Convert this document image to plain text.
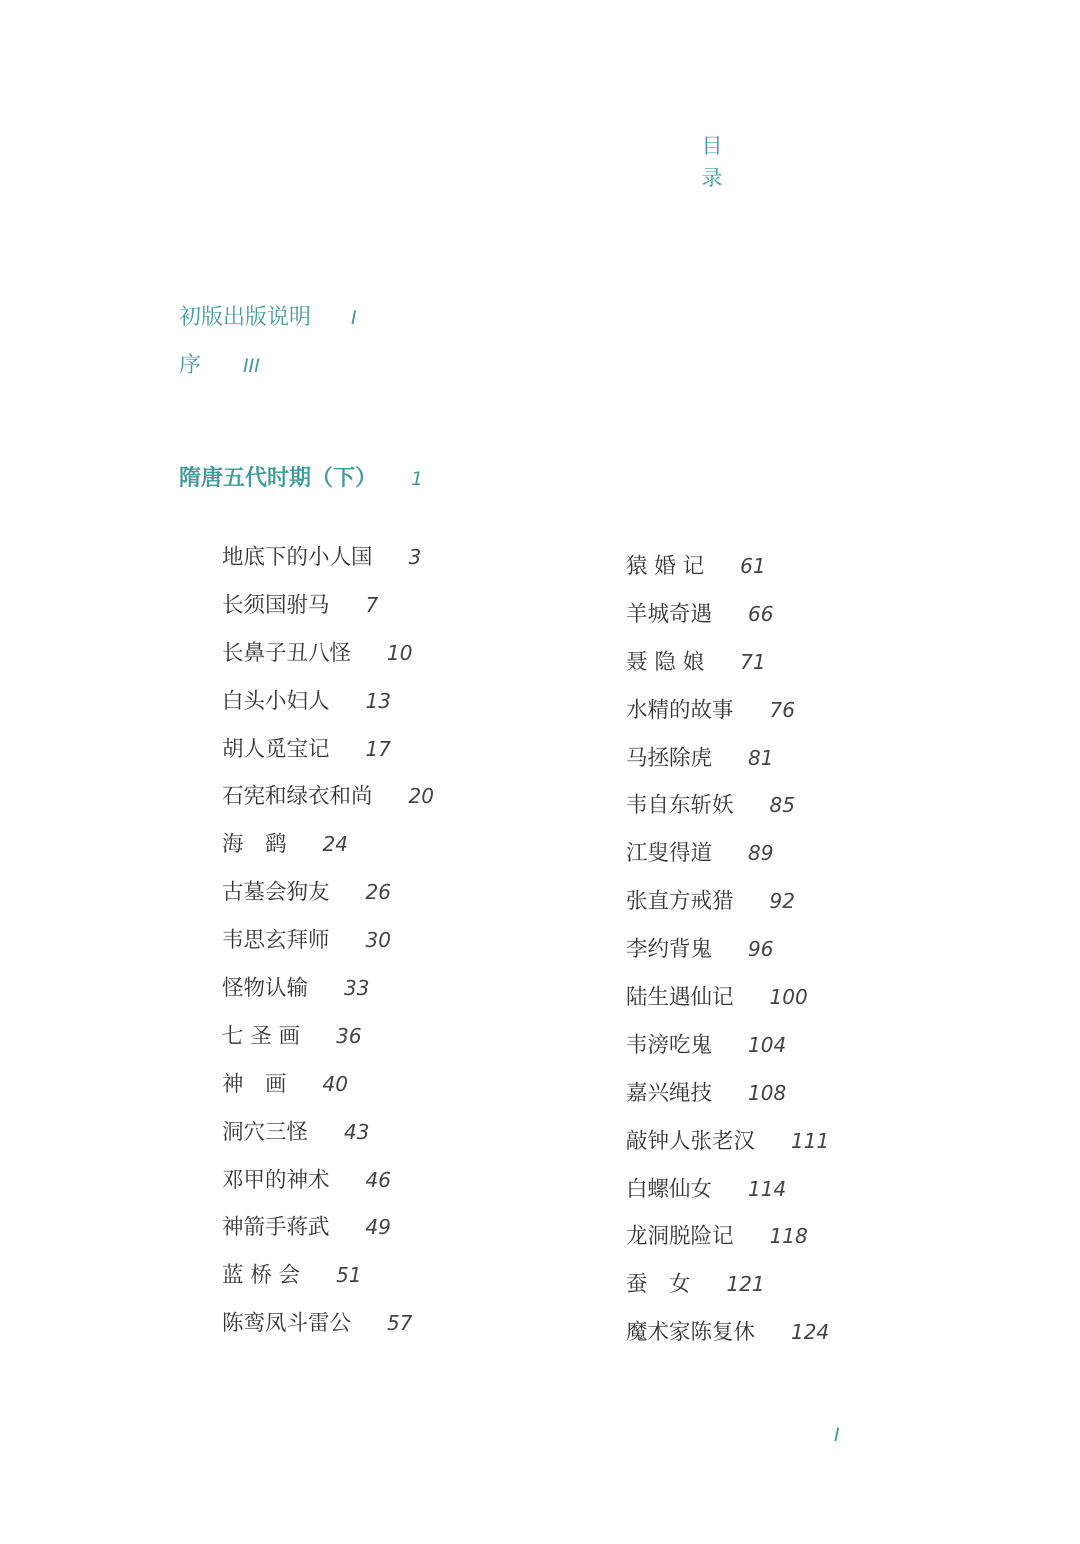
目
录
初版出版说明 I
序 III
隋唐五代时期（下） 1
地底下的小人国 3
长须国驸马 7
长鼻子丑八怪 10
白头小妇人 13
胡人觅宝记 17
石宪和绿衣和尚 20
海　鹞 24
古墓会狗友 26
韦思玄拜师 30
怪物认输 33
七 圣 画 36
神　画 40
洞穴三怪 43
邓甲的神术 46
神箭手蒋武 49
蓝 桥 会 51
陈鸾凤斗雷公 57
猿 婚 记 61
羊城奇遇 66
聂 隐 娘 71
水精的故事 76
马拯除虎 81
韦自东斩妖 85
江叟得道 89
张直方戒猎 92
李约背鬼 96
陆生遇仙记 100
韦滂吃鬼 104
嘉兴绳技 108
敲钟人张老汉 111
白螺仙女 114
龙洞脱险记 118
蚕　女 121
魔术家陈复休 124
I
